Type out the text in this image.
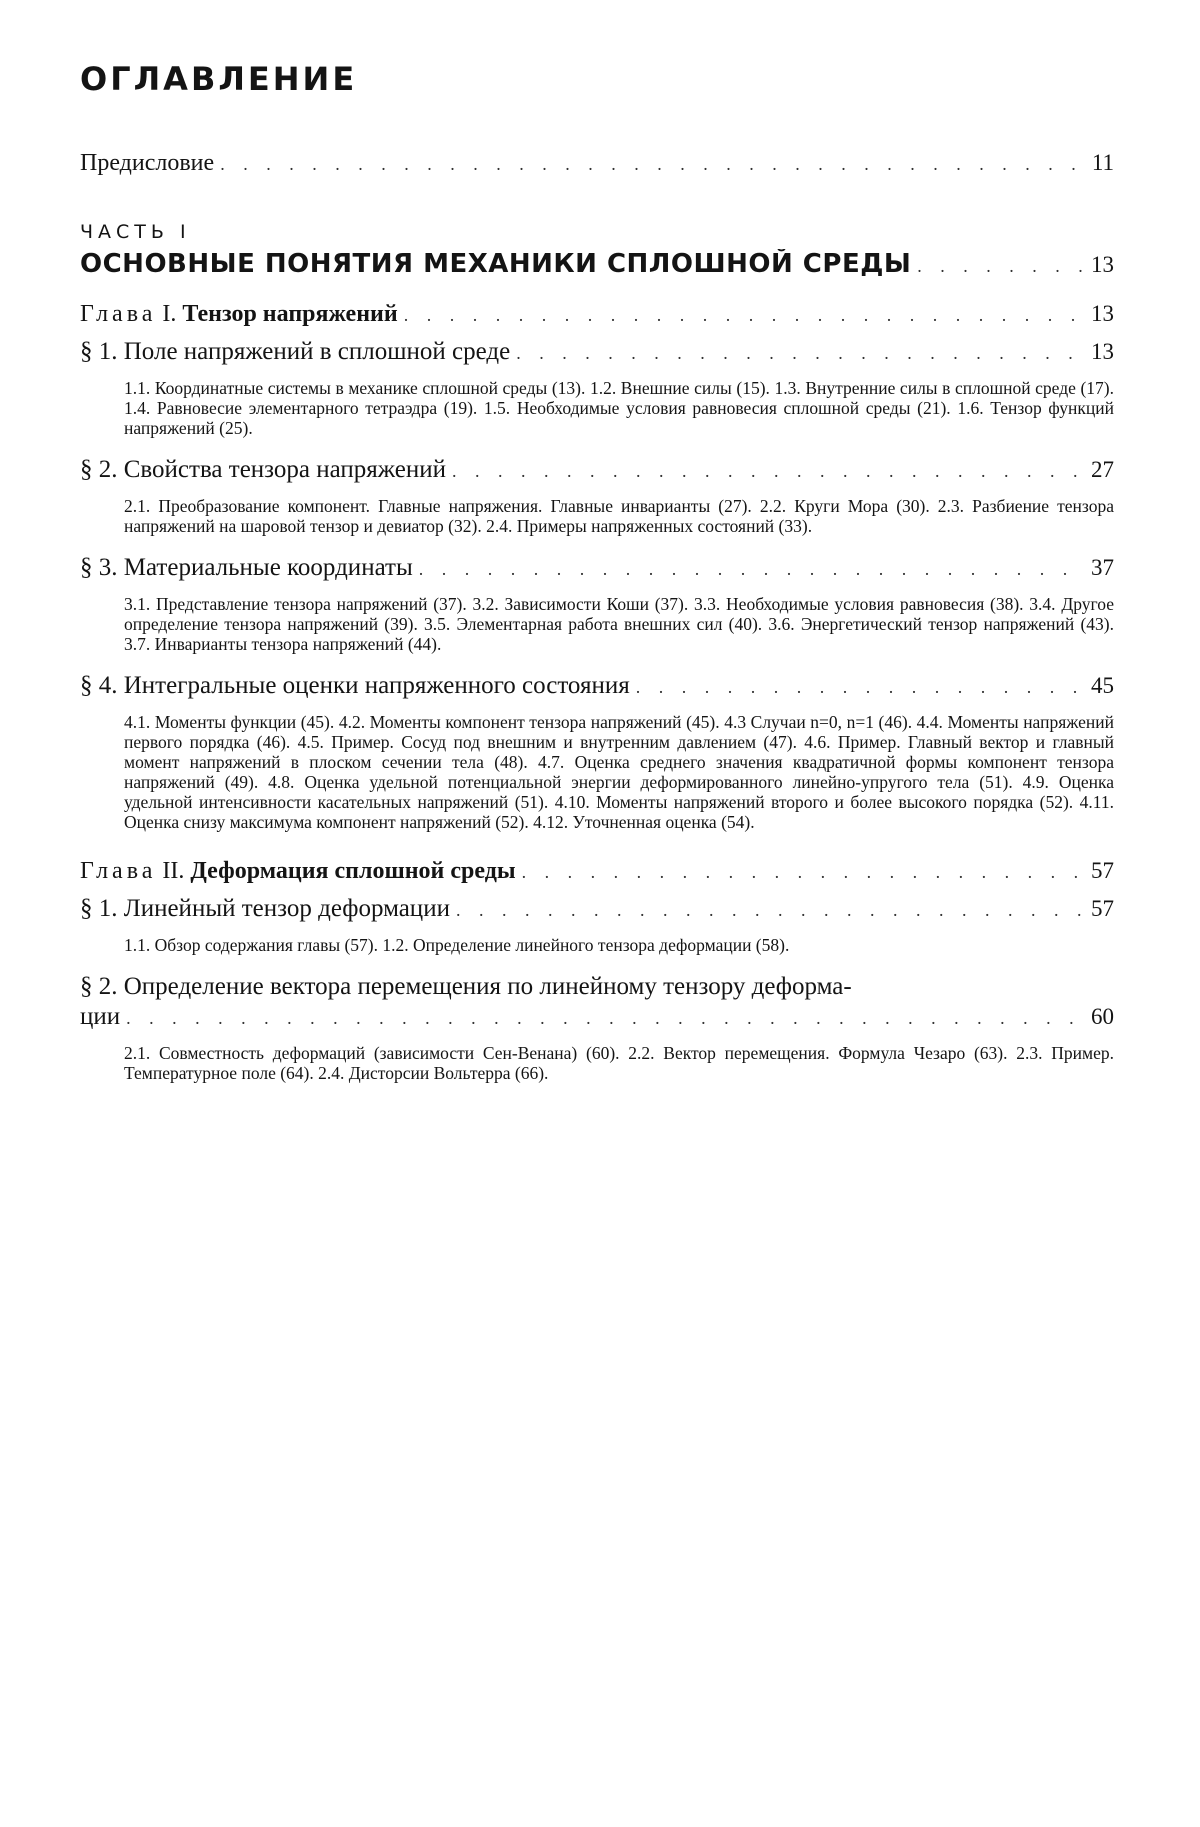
ОГЛАВЛЕНИЕ
Предисловие . . .	11
ЧАСТЬ I
ОСНОВНЫЕ ПОНЯТИЯ МЕХАНИКИ СПЛОШНОЙ СРЕДЫ . . .	13
Глава I. Тензор напряжений . . .	13
§ 1. Поле напряжений в сплошной среде . . .	13
1.1. Координатные системы в механике сплошной среды (13). 1.2. Внешние силы (15). 1.3. Внутренние силы в сплошной среде (17). 1.4. Равновесие элементарного тетраэдра (19). 1.5. Необходимые условия равновесия сплошной среды (21). 1.6. Тензор функций напряжений (25).
§ 2. Свойства тензора напряжений . . .	27
2.1. Преобразование компонент. Главные напряжения. Главные инварианты (27). 2.2. Круги Мора (30). 2.3. Разбиение тензора напряжений на шаровой тензор и девиатор (32). 2.4. Примеры напряженных состояний (33).
§ 3. Материальные координаты . . .	37
3.1. Представление тензора напряжений (37). 3.2. Зависимости Коши (37). 3.3. Необходимые условия равновесия (38). 3.4. Другое определение тензора напряжений (39). 3.5. Элементарная работа внешних сил (40). 3.6. Энергетический тензор напряжений (43). 3.7. Инварианты тензора напряжений (44).
§ 4. Интегральные оценки напряженного состояния . . .	45
4.1. Моменты функции (45). 4.2. Моменты компонент тензора напряжений (45). 4.3 Случаи n=0, n=1 (46). 4.4. Моменты напряжений первого порядка (46). 4.5. Пример. Сосуд под внешним и внутренним давлением (47). 4.6. Пример. Главный вектор и главный момент напряжений в плоском сечении тела (48). 4.7. Оценка среднего значения квадратичной формы компонент тензора напряжений (49). 4.8. Оценка удельной потенциальной энергии деформированного линейно-упругого тела (51). 4.9. Оценка удельной интенсивности касательных напряжений (51). 4.10. Моменты напряжений второго и более высокого порядка (52). 4.11. Оценка снизу максимума компонент напряжений (52). 4.12. Уточненная оценка (54).
Глава II. Деформация сплошной среды . . .	57
§ 1. Линейный тензор деформации . . .	57
1.1. Обзор содержания главы (57). 1.2. Определение линейного тензора деформации (58).
§ 2. Определение вектора перемещения по линейному тензору деформа-
ции . . .	60
2.1. Совместность деформаций (зависимости Сен-Венана) (60). 2.2. Вектор перемещения. Формула Чезаро (63). 2.3. Пример. Температурное поле (64). 2.4. Дисторсии Вольтерра (66).
